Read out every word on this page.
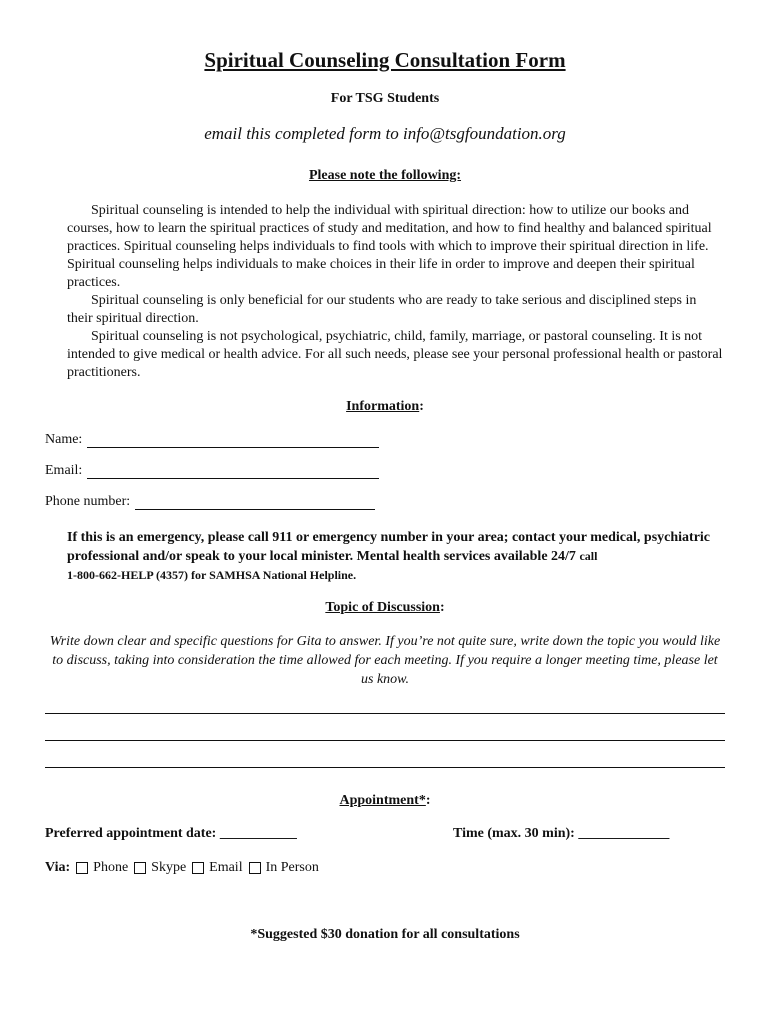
Spiritual Counseling Consultation Form
For TSG Students
email this completed form to info@tsgfoundation.org
Please note the following:

Spiritual counseling is intended to help the individual with spiritual direction: how to utilize our books and courses, how to learn the spiritual practices of study and meditation, and how to find healthy and balanced spiritual practices. Spiritual counseling helps individuals to find tools with which to improve their spiritual direction in life. Spiritual counseling helps individuals to make choices in their life in order to improve and deepen their spiritual practices.

Spiritual counseling is only beneficial for our students who are ready to take serious and disciplined steps in their spiritual direction.

Spiritual counseling is not psychological, psychiatric, child, family, marriage, or pastoral counseling. It is not intended to give medical or health advice. For all such needs, please see your personal professional health or pastoral practitioners.

Information:
Name:
Email:
Phone number:
If this is an emergency, please call 911 or emergency number in your area; contact your medical, psychiatric professional and/or speak to your local minister. Mental health services available 24/7 call
1-800-662-HELP (4357) for SAMHSA National Helpline.
Topic of Discussion:
Write down clear and specific questions for Gita to answer. If you’re not quite sure, write down the topic you would like to discuss, taking into consideration the time allowed for each meeting. If you require a longer meeting time, please let us know.
Appointment*:
Preferred appointment date: ___________	Time (max. 30 min): _____________
Via: Phone Skype Email In Person
*Suggested $30 donation for all consultations
